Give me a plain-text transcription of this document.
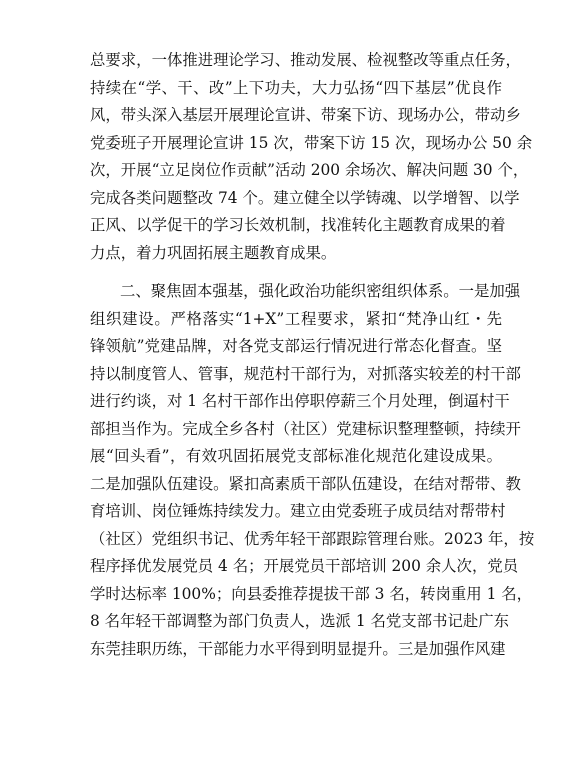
总要求，一体推进理论学习、推动发展、检视整改等重点任务，
持续在“学、干、改”上下功夫，大力弘扬“四下基层”优良作
风，带头深入基层开展理论宣讲、带案下访、现场办公，带动乡
党委班子开展理论宣讲 15 次，带案下访 15 次，现场办公 50 余
次，开展“立足岗位作贡献”活动 200 余场次、解决问题 30 个，
完成各类问题整改 74 个。建立健全以学铸魂、以学增智、以学
正风、以学促干的学习长效机制，找准转化主题教育成果的着
力点，着力巩固拓展主题教育成果。
二、聚焦固本强基，强化政治功能织密组织体系。一是加强
组织建设。严格落实“1+X”工程要求，紧扣“梵净山红・先
锋领航”党建品牌，对各党支部运行情况进行常态化督查。坚
持以制度管人、管事，规范村干部行为，对抓落实较差的村干部
进行约谈，对 1 名村干部作出停职停薪三个月处理，倒逼村干
部担当作为。完成全乡各村（社区）党建标识整理整顿，持续开
展“回头看”，有效巩固拓展党支部标准化规范化建设成果。
二是加强队伍建设。紧扣高素质干部队伍建设，在结对帮带、教
育培训、岗位锤炼持续发力。建立由党委班子成员结对帮带村
（社区）党组织书记、优秀年轻干部跟踪管理台账。2023 年，按
程序择优发展党员 4 名；开展党员干部培训 200 余人次，党员
学时达标率 100%；向县委推荐提拔干部 3 名，转岗重用 1 名，
8 名年轻干部调整为部门负责人，选派 1 名党支部书记赴广东
东莞挂职历练，干部能力水平得到明显提升。三是加强作风建
